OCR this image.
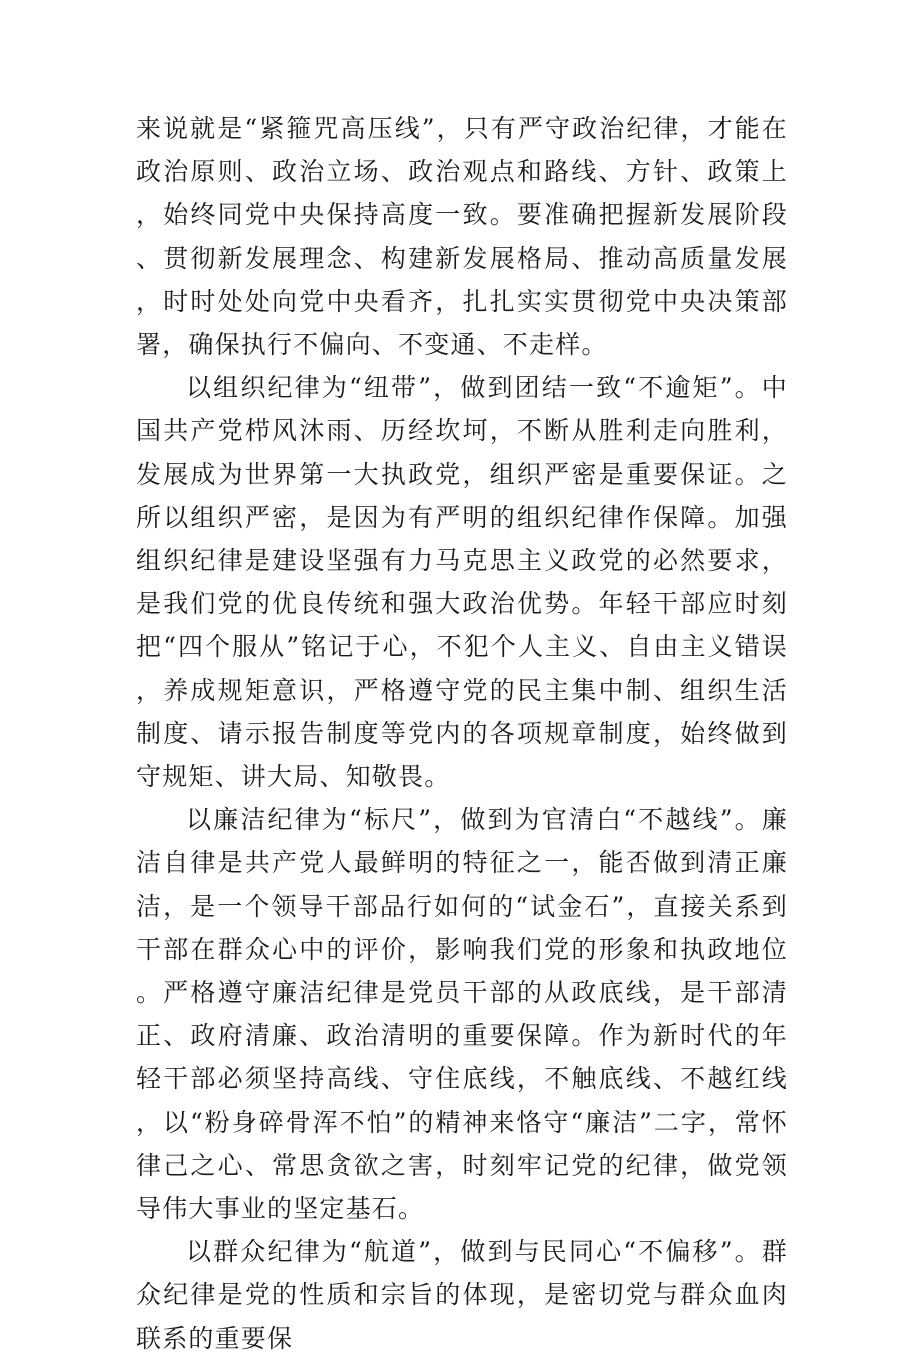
来说就是“紧箍咒高压线”，只有严守政治纪律，才能在政治原则、政治立场、政治观点和路线、方针、政策上，始终同党中央保持高度一致。要准确把握新发展阶段、贯彻新发展理念、构建新发展格局、推动高质量发展，时时处处向党中央看齐，扎扎实实贯彻党中央决策部署，确保执行不偏向、不变通、不走样。

以组织纪律为“纽带”，做到团结一致“不逾矩”。中国共产党栉风沐雨、历经坎坷，不断从胜利走向胜利，发展成为世界第一大执政党，组织严密是重要保证。之所以组织严密，是因为有严明的组织纪律作保障。加强组织纪律是建设坚强有力马克思主义政党的必然要求，是我们党的优良传统和强大政治优势。年轻干部应时刻把“四个服从”铭记于心，不犯个人主义、自由主义错误，养成规矩意识，严格遵守党的民主集中制、组织生活制度、请示报告制度等党内的各项规章制度，始终做到守规矩、讲大局、知敬畏。

以廉洁纪律为“标尺”，做到为官清白“不越线”。廉洁自律是共产党人最鲜明的特征之一，能否做到清正廉洁，是一个领导干部品行如何的“试金石”，直接关系到干部在群众心中的评价，影响我们党的形象和执政地位。严格遵守廉洁纪律是党员干部的从政底线，是干部清正、政府清廉、政治清明的重要保障。作为新时代的年轻干部必须坚持高线、守住底线，不触底线、不越红线，以“粉身碎骨浑不怕”的精神来恪守“廉洁”二字，常怀律己之心、常思贪欲之害，时刻牢记党的纪律，做党领导伟大事业的坚定基石。

以群众纪律为“航道”，做到与民同心“不偏移”。群众纪律是党的性质和宗旨的体现，是密切党与群众血肉联系的重要保
